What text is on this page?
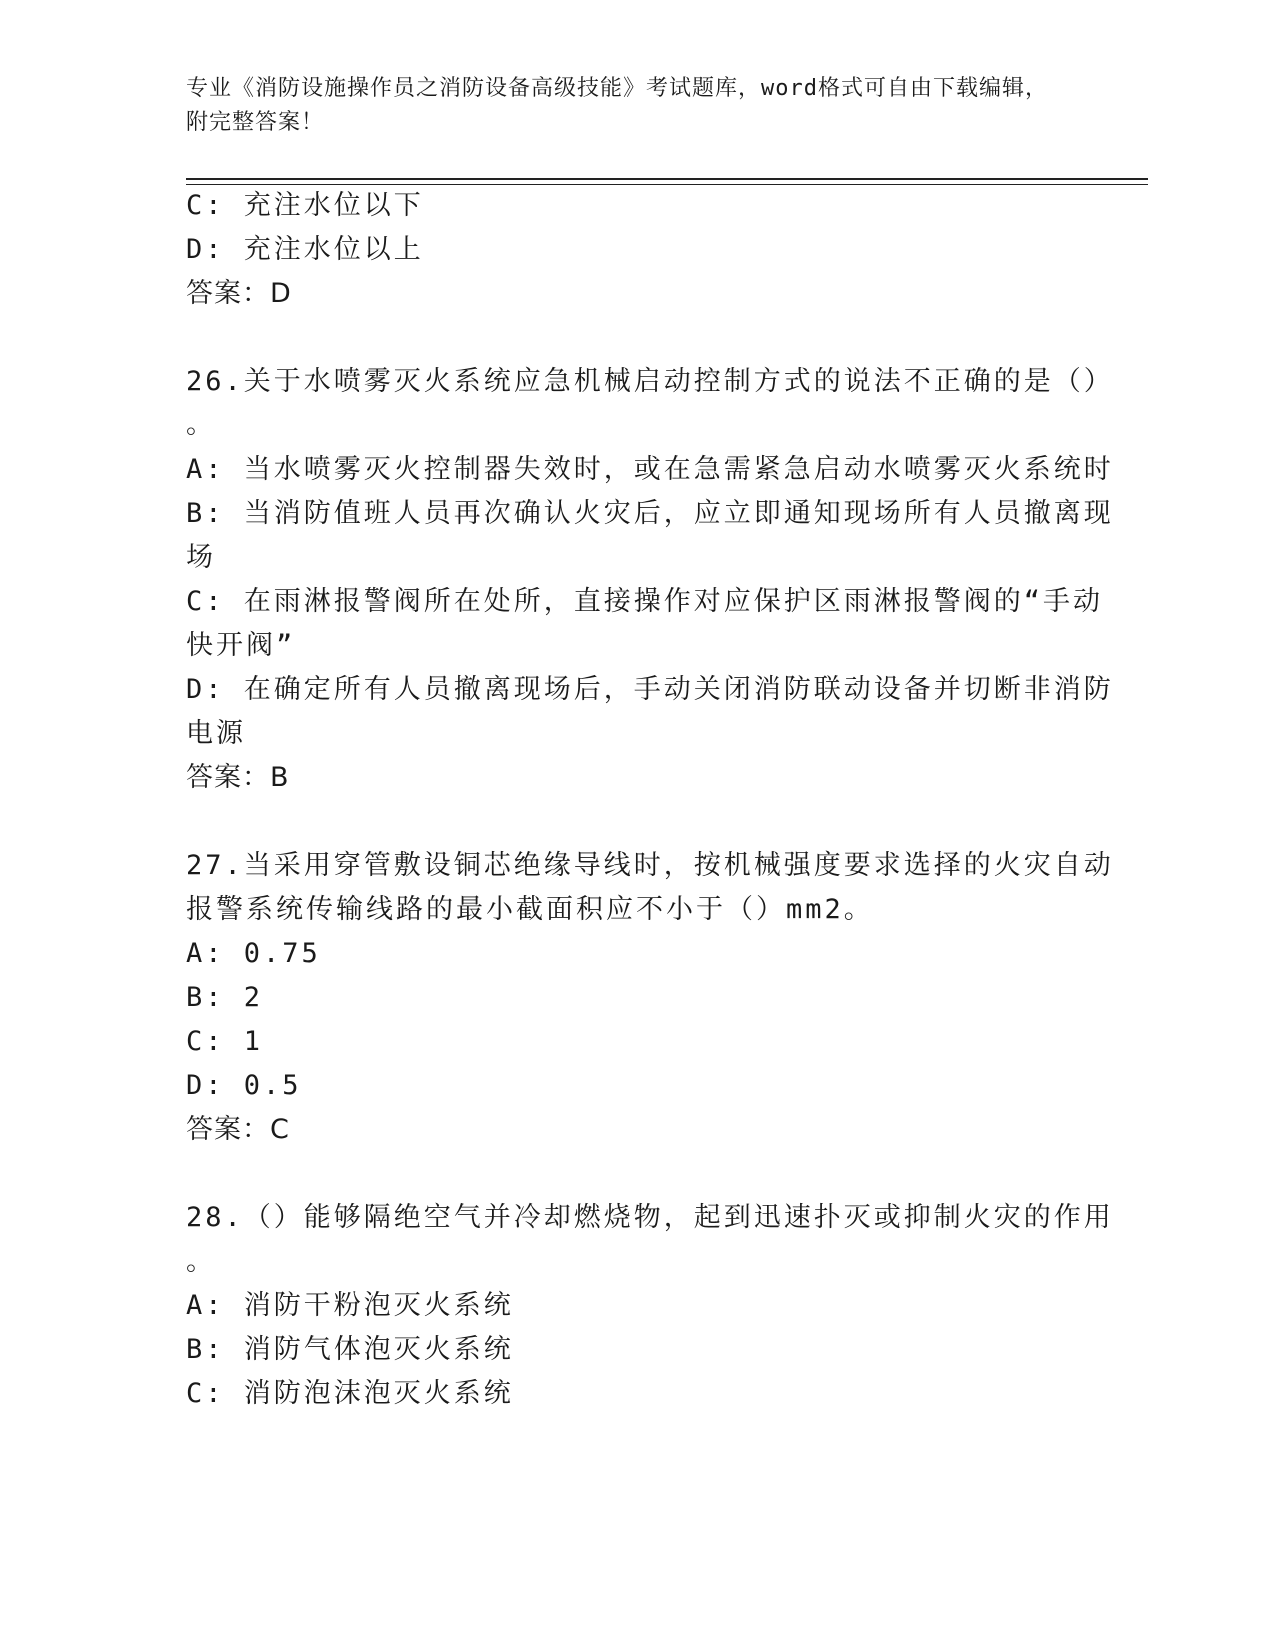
专业《消防设施操作员之消防设备高级技能》考试题库，word格式可自由下载编辑，附完整答案！
C: 充注水位以下
D: 充注水位以上
答案：D
26.关于水喷雾灭火系统应急机械启动控制方式的说法不正确的是（）
。
A: 当水喷雾灭火控制器失效时，或在急需紧急启动水喷雾灭火系统时
B: 当消防值班人员再次确认火灾后，应立即通知现场所有人员撤离现
场
C: 在雨淋报警阀所在处所，直接操作对应保护区雨淋报警阀的“手动
快开阀”
D: 在确定所有人员撤离现场后，手动关闭消防联动设备并切断非消防
电源
答案：B
27.当采用穿管敷设铜芯绝缘导线时，按机械强度要求选择的火灾自动
报警系统传输线路的最小截面积应不小于（）mm2。
A: 0.75
B: 2
C: 1
D: 0.5
答案：C
28.（）能够隔绝空气并冷却燃烧物，起到迅速扑灭或抑制火灾的作用
。
A: 消防干粉泡灭火系统
B: 消防气体泡灭火系统
C: 消防泡沫泡灭火系统
